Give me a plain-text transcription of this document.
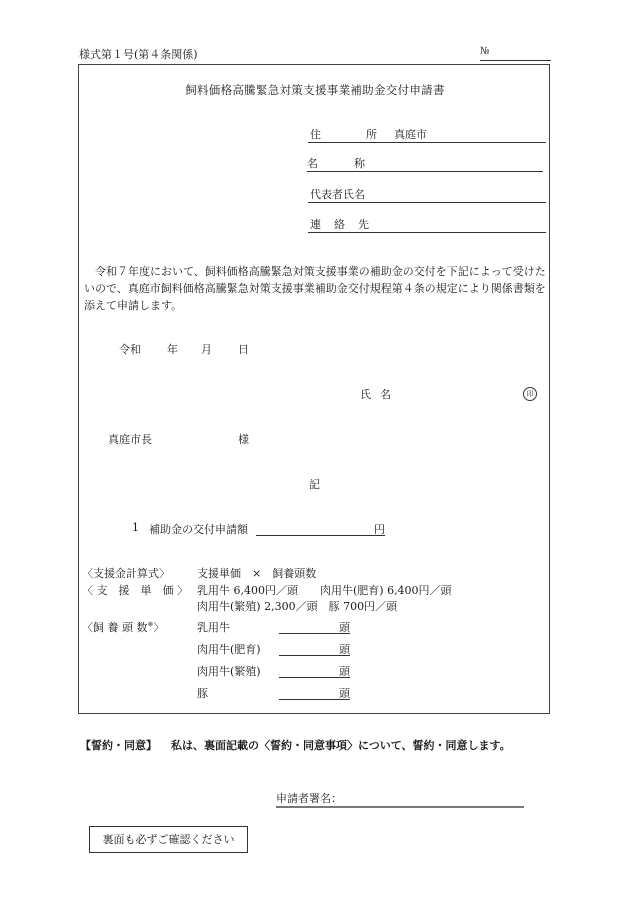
様式第１号(第４条関係)	№
飼料価格高騰緊急対策支援事業補助金交付申請書
住	所 真庭市
名	称
代表者氏名
連 絡 先

令和７年度において、飼料価格高騰緊急対策支援事業の補助金の交付を下記によって受けたいので、真庭市飼料価格高騰緊急対策支援事業補助金交付規程第４条の規定により関係書類を添えて申請します。

令和 年 月 日
氏 名	印
真庭市長	様
記
1 補助金の交付申請額	円
〈支援金計算式〉 支援単価　×　飼養頭数
〈 支　援　単　価 〉 乳用牛 6,400円／頭　　肉用牛(肥育) 6,400円／頭
肉用牛(繁殖) 2,300／頭　豚 700円／頭
〈飼 養 頭 数※〉	乳用牛	頭
肉用牛(肥育)	頭
肉用牛(繁殖)	頭
豚	頭
【誓約・同意】 私は、裏面記載の〈誓約・同意事項〉について、誓約・同意します。
申請者署名：
裏面も必ずご確認ください
